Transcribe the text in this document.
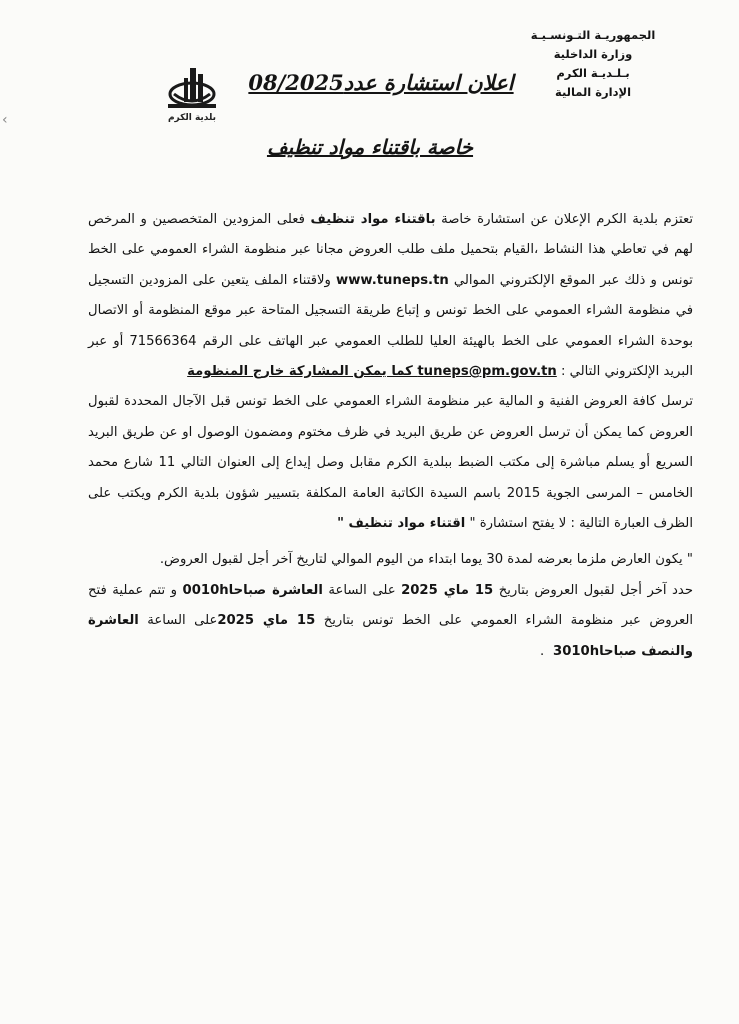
‹
الجمهوريـة التـونسـيـة
وزارة الداخلية
بـلـديـة الكرم
الإدارة المالية
بلدية الكرم
اعلان استشارة عدد08/2025
خاصة باقتناء مواد تنظيف

تعتزم بلدية الكرم الإعلان عن استشارة خاصة باقتناء مواد تنظيف فعلى المزودين المتخصصين و المرخص لهم في تعاطي هذا النشاط ،القيام بتحميل ملف طلب العروض مجانا عبر منظومة الشراء العمومي على الخط تونس و ذلك عبر الموقع الإلكتروني الموالي www.tuneps.tn ولاقتناء الملف يتعين على المزودين التسجيل في منظومة الشراء العمومي على الخط تونس و إتباع طريقة التسجيل المتاحة عبر موقع المنظومة أو الاتصال بوحدة الشراء العمومي على الخط بالهيئة العليا للطلب العمومي عبر الهاتف على الرقم 71566364 أو عبر البريد الإلكتروني التالي : tuneps@pm.gov.tn كما يمكن المشاركة خارج المنظومة

ترسل كافة العروض الفنية و المالية عبر منظومة الشراء العمومي على الخط تونس قبل الآجال المحددة لقبول العروض كما يمكن أن ترسل العروض عن طريق البريد في ظرف مختوم ومضمون الوصول او عن طريق البريد السريع أو يسلم مباشرة إلى مكتب الضبط ببلدية الكرم مقابل وصل إيداع إلى العنوان التالي 11 شارع محمد الخامس – المرسى الجوية 2015 باسم السيدة الكاتبة العامة المكلفة بتسيير شؤون بلدية الكرم ويكتب على الظرف العبارة التالية : لا يفتح استشارة " اقتناء مواد تنظيف "

" يكون العارض ملزما بعرضه لمدة 30 يوما ابتداء من اليوم الموالي لتاريخ آخر أجل لقبول العروض.

حدد آخر أجل لقبول العروض بتاريخ 15 ماي 2025 على الساعة العاشرة صباحا0010h و تتم عملية فتح العروض عبر منظومة الشراء العمومي على الخط تونس بتاريخ 15 ماي 2025على الساعة العاشرة والنصف صباحا 3010h .
